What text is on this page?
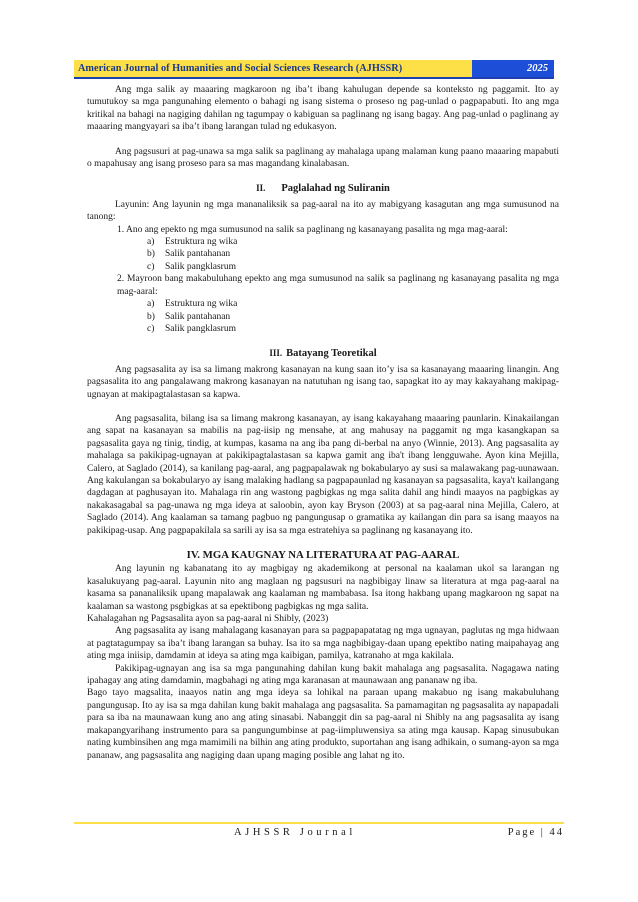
American Journal of Humanities and Social Sciences Research (AJHSSR)	2025

Ang mga salik ay maaaring magkaroon ng iba’t ibang kahulugan depende sa konteksto ng paggamit. Ito ay tumutukoy sa mga pangunahing elemento o bahagi ng isang sistema o proseso ng pag-unlad o pagpapabuti. Ito ang mga kritikal na bahagi na nagiging dahilan ng tagumpay o kabiguan sa paglinang ng isang bagay. Ang pag-unlad o paglinang ay maaaring mangyayari sa iba’t ibang larangan tulad ng edukasyon.

Ang pagsusuri at pag-unawa sa mga salik sa paglinang ay mahalaga upang malaman kung paano maaaring mapabuti o mapahusay ang isang proseso para sa mas magandang kinalabasan.

II. Paglalahad ng Suliranin

Layunin: Ang layunin ng mga mananaliksik sa pag-aaral na ito ay mabigyang kasagutan ang mga sumusunod na tanong:

1. Ano ang epekto ng mga sumusunod na salik sa paglinang ng kasanayang pasalita ng mga mag-aaral:

a) Estruktura ng wika

b) Salik pantahanan

c) Salik pangklasrum

2. Mayroon bang makabuluhang epekto ang mga sumusunod na salik sa paglinang ng kasanayang pasalita ng mga mag-aaral:

a) Estruktura ng wika

b) Salik pantahanan

c) Salik pangklasrum

III. Batayang Teoretikal

Ang pagsasalita ay isa sa limang makrong kasanayan na kung saan ito’y isa sa kasanayang maaaring linangin. Ang pagsasalita ito ang pangalawang makrong kasanayan na natutuhan ng isang tao, sapagkat ito ay may kakayahang makipag-ugnayan at makipagtalastasan sa kapwa.

Ang pagsasalita, bilang isa sa limang makrong kasanayan, ay isang kakayahang maaaring paunlarin. Kinakailangan ang sapat na kasanayan sa mabilis na pag-iisip ng mensahe, at ang mahusay na paggamit ng mga kasangkapan sa pagsasalita gaya ng tinig, tindig, at kumpas, kasama na ang iba pang di-berbal na anyo (Winnie, 2013). Ang pagsasalita ay mahalaga sa pakikipag-ugnayan at pakikipagtalastasan sa kapwa gamit ang iba't ibang lengguwahe. Ayon kina Mejilla, Calero, at Saglado (2014), sa kanilang pag-aaral, ang pagpapalawak ng bokabularyo ay susi sa malawakang pag-uunawaan. Ang kakulangan sa bokabularyo ay isang malaking hadlang sa pagpapaunlad ng kasanayan sa pagsasalita, kaya't kailangang dagdagan at paghusayan ito. Mahalaga rin ang wastong pagbigkas ng mga salita dahil ang hindi maayos na pagbigkas ay nakakasagabal sa pag-unawa ng mga ideya at saloobin, ayon kay Bryson (2003) at sa pag-aaral nina Mejilla, Calero, at Saglado (2014). Ang kaalaman sa tamang pagbuo ng pangungusap o gramatika ay kailangan din para sa isang maayos na pakikipag-usap. Ang pagpapakilala sa sarili ay isa sa mga estratehiya sa paglinang ng kasanayang ito.

IV. MGA KAUGNAY NA LITERATURA AT PAG-AARAL

Ang layunin ng kabanatang ito ay magbigay ng akademikong at personal na kaalaman ukol sa larangan ng kasalukuyang pag-aaral. Layunin nito ang maglaan ng pagsusuri na nagbibigay linaw sa literatura at mga pag-aaral na kasama sa pananaliksik upang mapalawak ang kaalaman ng mambabasa. Isa itong hakbang upang magkaroon ng sapat na kaalaman sa wastong psgbigkas at sa epektibong pagbigkas ng mga salita.

Kahalagahan ng Pagsasalita ayon sa pag-aaral ni Shibly, (2023)

Ang pagsasalita ay isang mahalagang kasanayan para sa pagpapapatatag ng mga ugnayan, paglutas ng mga hidwaan at pagtatagumpay sa iba’t ibang larangan sa buhay. Isa ito sa mga nagbibigay-daan upang epektibo nating maipahayag ang ating mga iniisip, damdamin at ideya sa ating mga kaibigan, pamilya, katranaho at mga kakilala.

Pakikipag-ugnayan ang isa sa mga pangunahing dahilan kung bakit mahalaga ang pagsasalita. Nagagawa nating ipahagay ang ating damdamin, magbahagi ng ating mga karanasan at maunawaan ang pananaw ng iba.

Bago tayo magsalita, inaayos natin ang mga ideya sa lohikal na paraan upang makabuo ng isang makabuluhang pangungusap. Ito ay isa sa mga dahilan kung bakit mahalaga ang pagsasalita. Sa pamamagitan ng pagsasalita ay napapadali para sa iba na maunawaan kung ano ang ating sinasabi. Nabanggit din sa pag-aaral ni Shibly na ang pagsasalita ay isang makapangyarihang instrumento para sa pangungumbinse at pag-iimpluwensiya sa ating mga kausap. Kapag sinusubukan nating kumbinsihen ang mga mamimili na bilhin ang ating produkto, suportahan ang isang adhikain, o sumang-ayon sa mga pananaw, ang pagsasalita ang nagiging daan upang maging posible ang lahat ng ito.

AJHSSR Journal	Page | 44
